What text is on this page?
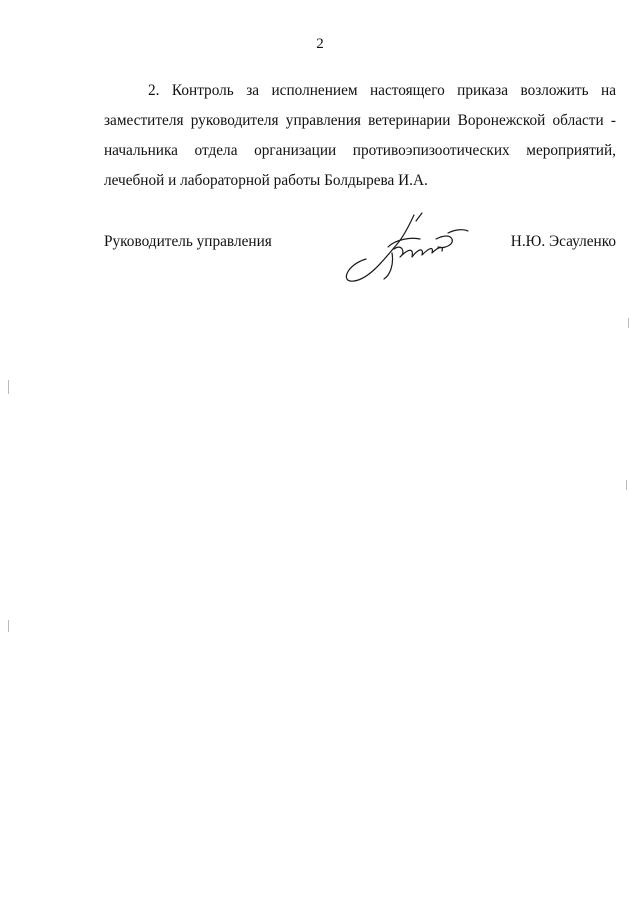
2
2. Контроль за исполнением настоящего приказа возложить на
заместителя руководителя управления ветеринарии Воронежской области -
начальника отдела организации противоэпизоотических мероприятий,
лечебной и лабораторной работы Болдырева И.А.
Руководитель управления	Н.Ю. Эсауленко
